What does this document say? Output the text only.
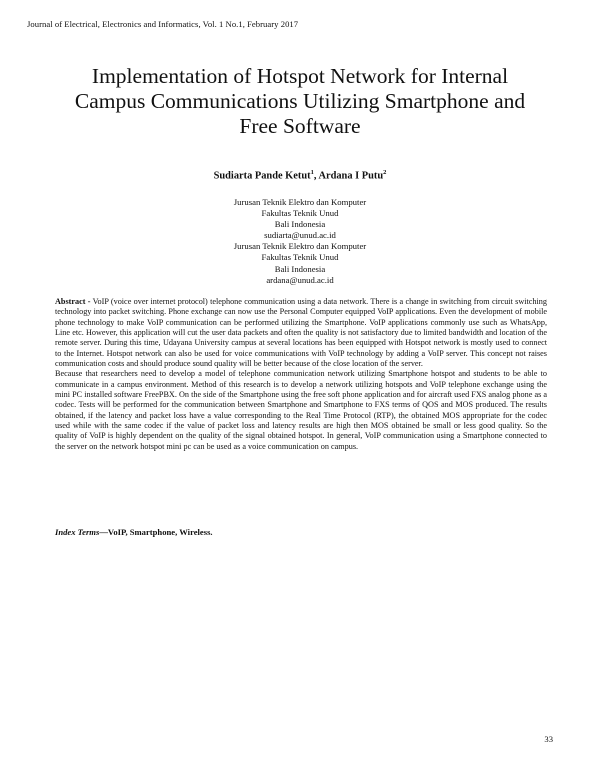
Journal of Electrical, Electronics and Informatics, Vol. 1 No.1, February 2017
Implementation of Hotspot Network for Internal
Campus Communications Utilizing Smartphone and
Free Software
Sudiarta Pande Ketut$^1$, Ardana I Putu$^2$
Jurusan Teknik Elektro dan Komputer
Fakultas Teknik Unud
Bali Indonesia
sudiarta@unud.ac.id
Jurusan Teknik Elektro dan Komputer
Fakultas Teknik Unud
Bali Indonesia
ardana@unud.ac.id

Abstract - VoIP (voice over internet protocol) telephone communication using a data network. There is a change in switching from circuit switching technology into packet switching. Phone exchange can now use the Personal Computer equipped VoIP applications. Even the development of mobile phone technology to make VoIP communication can be performed utilizing the Smartphone. VoIP applications commonly use such as WhatsApp, Line etc. However, this application will cut the user data packets and often the quality is not satisfactory due to limited bandwidth and location of the remote server. During this time, Udayana University campus at several locations has been equipped with Hotspot network is mostly used to connect to the Internet. Hotspot network can also be used for voice communications with VoIP technology by adding a VoIP server. This concept not raises communication costs and should produce sound quality will be better because of the close location of the server.

Because that researchers need to develop a model of telephone communication network utilizing Smartphone hotspot and students to be able to communicate in a campus environment. Method of this research is to develop a network utilizing hotspots and VoIP telephone exchange using the mini PC installed software FreePBX. On the side of the Smartphone using the free soft phone application and for aircraft used FXS analog phone as a codec. Tests will be performed for the communication between Smartphone and Smartphone to FXS terms of QOS and MOS produced. The results obtained, if the latency and packet loss have a value corresponding to the Real Time Protocol (RTP), the obtained MOS appropriate for the codec used while with the same codec if the value of packet loss and latency results are high then MOS obtained be small or less good quality. So the quality of VoIP is highly dependent on the quality of the signal obtained hotspot. In general, VoIP communication using a Smartphone connected to the server on the network hotspot mini pc can be used as a voice communication on campus.

Index Terms—VoIP, Smartphone, Wireless.
33
